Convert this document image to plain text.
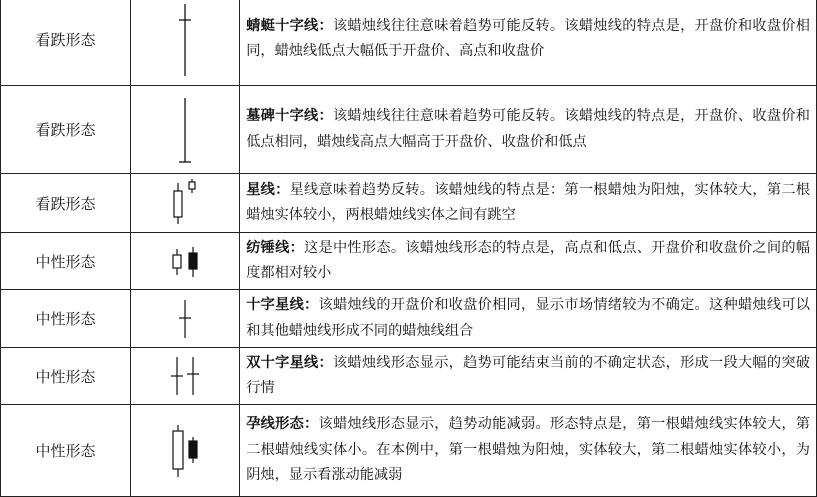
看跌形态		蜻蜓十字线：该蜡烛线往往意味着趋势可能反转。该蜡烛线的特点是，开盘价和收盘价相同，蜡烛线低点大幅低于开盘价、高点和收盘价
看跌形态		墓碑十字线：该蜡烛线往往意味着趋势可能反转。该蜡烛线的特点是，开盘价、收盘价和低点相同，蜡烛线高点大幅高于开盘价、收盘价和低点
看跌形态		星线：星线意味着趋势反转。该蜡烛线的特点是：第一根蜡烛为阳烛，实体较大，第二根蜡烛实体较小，两根蜡烛线实体之间有跳空
中性形态		纺锤线：这是中性形态。该蜡烛线形态的特点是，高点和低点、开盘价和收盘价之间的幅度都相对较小
中性形态		十字星线：该蜡烛线的开盘价和收盘价相同，显示市场情绪较为不确定。这种蜡烛线可以和其他蜡烛线形成不同的蜡烛线组合
中性形态		双十字星线：该蜡烛线形态显示，趋势可能结束当前的不确定状态，形成一段大幅的突破行情
中性形态		孕线形态：该蜡烛线形态显示，趋势动能减弱。形态特点是，第一根蜡烛线实体较大，第二根蜡烛线实体小。在本例中，第一根蜡烛为阳烛，实体较大，第二根蜡烛实体较小，为阴烛，显示看涨动能减弱
